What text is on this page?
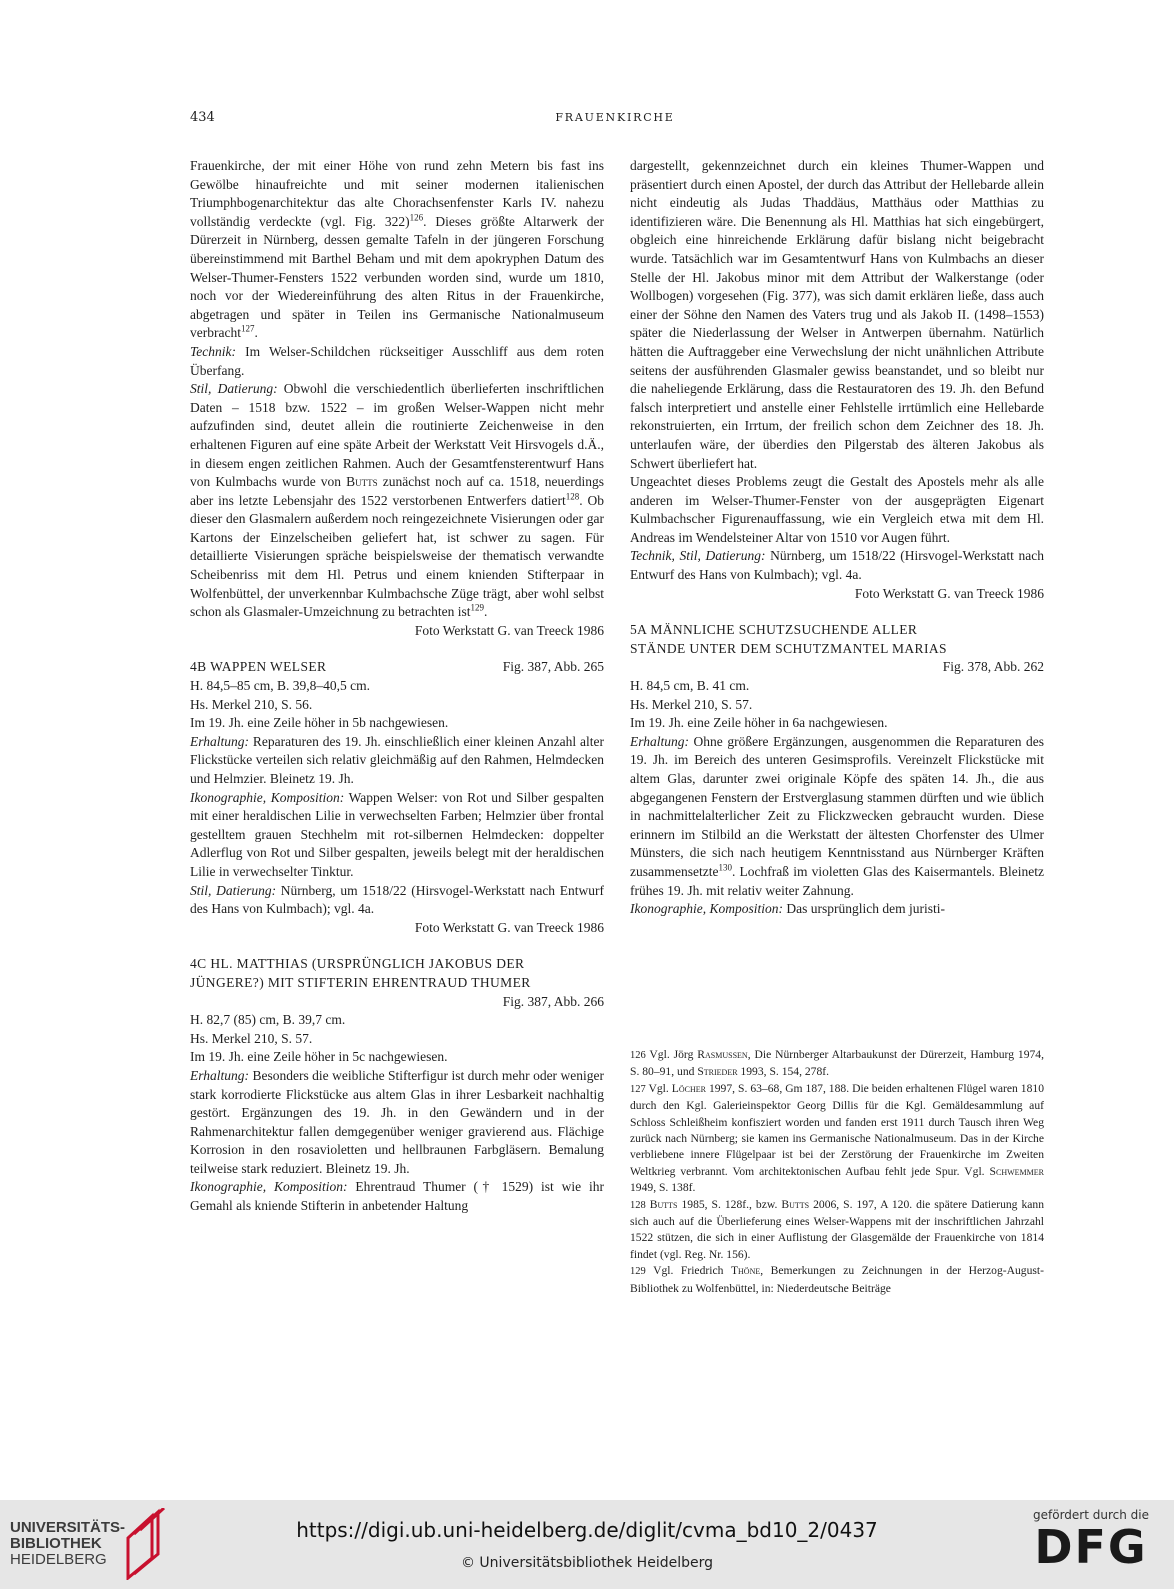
434	FRAUENKIRCHE

Frauenkirche, der mit einer Höhe von rund zehn Metern bis fast ins Gewölbe hinaufreichte und mit seiner modernen italienischen Triumphbogenarchitektur das alte Chorachsenfenster Karls IV. nahezu vollständig verdeckte (vgl. Fig. 322)$^{126}$. Dieses größte Altarwerk der Dürerzeit in Nürnberg, dessen gemalte Tafeln in der jüngeren Forschung übereinstimmend mit Barthel Beham und mit dem apokryphen Datum des Welser-Thumer-Fensters 1522 verbunden worden sind, wurde um 1810, noch vor der Wiedereinführung des alten Ritus in der Frauenkirche, abgetragen und später in Teilen ins Germanische Nationalmuseum verbracht$^{127}$.

Technik: Im Welser-Schildchen rückseitiger Ausschliff aus dem roten Überfang.

Stil, Datierung: Obwohl die verschiedentlich überlieferten inschriftlichen Daten – 1518 bzw. 1522 – im großen Welser-Wappen nicht mehr aufzufinden sind, deutet allein die routinierte Zeichenweise in den erhaltenen Figuren auf eine späte Arbeit der Werkstatt Veit Hirsvogels d.Ä., in diesem engen zeitlichen Rahmen. Auch der Gesamtfensterentwurf Hans von Kulmbachs wurde von Butts zunächst noch auf ca. 1518, neuerdings aber ins letzte Lebensjahr des 1522 verstorbenen Entwerfers datiert$^{128}$. Ob dieser den Glasmalern außerdem noch reingezeichnete Visierungen oder gar Kartons der Einzelscheiben geliefert hat, ist schwer zu sagen. Für detaillierte Visierungen spräche beispielsweise der thematisch verwandte Scheibenriss mit dem Hl. Petrus und einem knienden Stifterpaar in Wolfenbüttel, der unverkennbar Kulmbachsche Züge trägt, aber wohl selbst schon als Glasmaler-Umzeichnung zu betrachten ist$^{129}$.

Foto Werkstatt G. van Treeck 1986

4B WAPPEN WELSER	Fig. 387, Abb. 265

H. 84,5–85 cm, B. 39,8–40,5 cm.

Hs. Merkel 210, S. 56.

Im 19. Jh. eine Zeile höher in 5b nachgewiesen.

Erhaltung: Reparaturen des 19. Jh. einschließlich einer kleinen Anzahl alter Flickstücke verteilen sich relativ gleichmäßig auf den Rahmen, Helmdecken und Helmzier. Bleinetz 19. Jh.

Ikonographie, Komposition: Wappen Welser: von Rot und Silber gespalten mit einer heraldischen Lilie in verwechselten Farben; Helmzier über frontal gestelltem grauen Stechhelm mit rot-silbernen Helmdecken: doppelter Adlerflug von Rot und Silber gespalten, jeweils belegt mit der heraldischen Lilie in verwechselter Tinktur.

Stil, Datierung: Nürnberg, um 1518/22 (Hirsvogel-Werkstatt nach Entwurf des Hans von Kulmbach); vgl. 4a.

Foto Werkstatt G. van Treeck 1986

4C HL. MATTHIAS (URSPRÜNGLICH JAKOBUS DER

JÜNGERE?) MIT STIFTERIN EHRENTRAUD THUMER

Fig. 387, Abb. 266

H. 82,7 (85) cm, B. 39,7 cm.

Hs. Merkel 210, S. 57.

Im 19. Jh. eine Zeile höher in 5c nachgewiesen.

Erhaltung: Besonders die weibliche Stifterfigur ist durch mehr oder weniger stark korrodierte Flickstücke aus altem Glas in ihrer Lesbarkeit nachhaltig gestört. Ergänzungen des 19. Jh. in den Gewändern und in der Rahmenarchitektur fallen demgegenüber weniger gravierend aus. Flächige Korrosion in den rosavioletten und hellbraunen Farbgläsern. Bemalung teilweise stark reduziert. Bleinetz 19. Jh.

Ikonographie, Komposition: Ehrentraud Thumer († 1529) ist wie ihr Gemahl als kniende Stifterin in anbetender Haltung

dargestellt, gekennzeichnet durch ein kleines Thumer-Wappen und präsentiert durch einen Apostel, der durch das Attribut der Hellebarde allein nicht eindeutig als Judas Thaddäus, Matthäus oder Matthias zu identifizieren wäre. Die Benennung als Hl. Matthias hat sich eingebürgert, obgleich eine hinreichende Erklärung dafür bislang nicht beigebracht wurde. Tatsächlich war im Gesamtentwurf Hans von Kulmbachs an dieser Stelle der Hl. Jakobus minor mit dem Attribut der Walkerstange (oder Wollbogen) vorgesehen (Fig. 377), was sich damit erklären ließe, dass auch einer der Söhne den Namen des Vaters trug und als Jakob II. (1498–1553) später die Niederlassung der Welser in Antwerpen übernahm. Natürlich hätten die Auftraggeber eine Verwechslung der nicht unähnlichen Attribute seitens der ausführenden Glasmaler gewiss beanstandet, und so bleibt nur die naheliegende Erklärung, dass die Restauratoren des 19. Jh. den Befund falsch interpretiert und anstelle einer Fehlstelle irrtümlich eine Hellebarde rekonstruierten, ein Irrtum, der freilich schon dem Zeichner des 18. Jh. unterlaufen wäre, der überdies den Pilgerstab des älteren Jakobus als Schwert überliefert hat.

Ungeachtet dieses Problems zeugt die Gestalt des Apostels mehr als alle anderen im Welser-Thumer-Fenster von der ausgeprägten Eigenart Kulmbachscher Figurenauffassung, wie ein Vergleich etwa mit dem Hl. Andreas im Wendelsteiner Altar von 1510 vor Augen führt.

Technik, Stil, Datierung: Nürnberg, um 1518/22 (Hirsvogel-Werkstatt nach Entwurf des Hans von Kulmbach); vgl. 4a.

Foto Werkstatt G. van Treeck 1986

5A MÄNNLICHE SCHUTZSUCHENDE ALLER

STÄNDE UNTER DEM SCHUTZMANTEL MARIAS

Fig. 378, Abb. 262

H. 84,5 cm, B. 41 cm.

Hs. Merkel 210, S. 57.

Im 19. Jh. eine Zeile höher in 6a nachgewiesen.

Erhaltung: Ohne größere Ergänzungen, ausgenommen die Reparaturen des 19. Jh. im Bereich des unteren Gesimsprofils. Vereinzelt Flickstücke mit altem Glas, darunter zwei originale Köpfe des späten 14. Jh., die aus abgegangenen Fenstern der Erstverglasung stammen dürften und wie üblich in nachmittelalterlicher Zeit zu Flickzwecken gebraucht wurden. Diese erinnern im Stilbild an die Werkstatt der ältesten Chorfenster des Ulmer Münsters, die sich nach heutigem Kenntnisstand aus Nürnberger Kräften zusammensetzte$^{130}$. Lochfraß im violetten Glas des Kaisermantels. Bleinetz frühes 19. Jh. mit relativ weiter Zahnung.

Ikonographie, Komposition: Das ursprünglich dem juristi-

126 Vgl. Jörg Rasmussen, Die Nürnberger Altarbaukunst der Dürerzeit, Hamburg 1974, S. 80–91, und Strieder 1993, S. 154, 278f.

127 Vgl. Löcher 1997, S. 63–68, Gm 187, 188. Die beiden erhaltenen Flügel waren 1810 durch den Kgl. Galerieinspektor Georg Dillis für die Kgl. Gemäldesammlung auf Schloss Schleißheim konfisziert worden und fanden erst 1911 durch Tausch ihren Weg zurück nach Nürnberg; sie kamen ins Germanische Nationalmuseum. Das in der Kirche verbliebene innere Flügelpaar ist bei der Zerstörung der Frauenkirche im Zweiten Weltkrieg verbrannt. Vom architektonischen Aufbau fehlt jede Spur. Vgl. Schwemmer 1949, S. 138f.

128 Butts 1985, S. 128f., bzw. Butts 2006, S. 197, A 120. die spätere Datierung kann sich auch auf die Überlieferung eines Welser-Wappens mit der inschriftlichen Jahrzahl 1522 stützen, die sich in einer Auflistung der Glasgemälde der Frauenkirche von 1814 findet (vgl. Reg. Nr. 156).

129 Vgl. Friedrich Thöne, Bemerkungen zu Zeichnungen in der Herzog-August-Bibliothek zu Wolfenbüttel, in: Niederdeutsche Beiträge

UNIVERSITÄTS-
BIBLIOTHEK
HEIDELBERG
https://digi.ub.uni-heidelberg.de/diglit/cvma_bd10_2/0437
© Universitätsbibliothek Heidelberg
gefördert durch die
DFG
